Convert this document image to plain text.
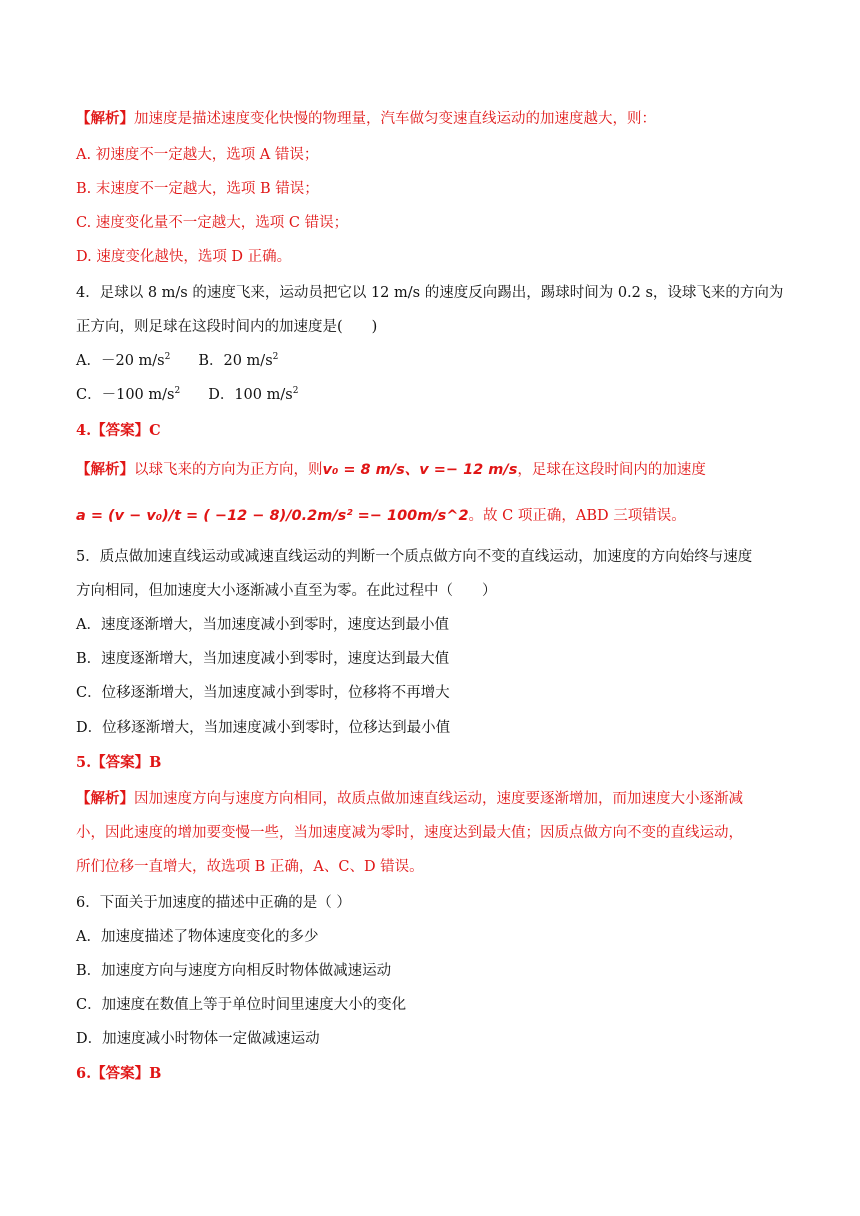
【解析】加速度是描述速度变化快慢的物理量，汽车做匀变速直线运动的加速度越大，则：
A. 初速度不一定越大，选项 A 错误；
B. 末速度不一定越大，选项 B 错误；
C. 速度变化量不一定越大，选项 C 错误；
D. 速度变化越快，选项 D 正确。
4．足球以 8 m/s 的速度飞来，运动员把它以 12 m/s 的速度反向踢出，踢球时间为 0.2 s，设球飞来的方向为
正方向，则足球在这段时间内的加速度是(　　)
A．－20 $m/s^2$ B．20 $m/s^2$
C．－100 $m/s^2$ D．100 $m/s^2$
4.【答案】C
【解析】以球飞来的方向为正方向，则v₀ = 8 m/s、v =− 12 m/s，足球在这段时间内的加速度
a = (v − v₀)/t = ( −12 − 8)/0.2m/s² =− 100m/s^2。故 C 项正确，ABD 三项错误。
5．质点做加速直线运动或减速直线运动的判断一个质点做方向不变的直线运动，加速度的方向始终与速度
方向相同，但加速度大小逐渐减小直至为零。在此过程中（　　）
A．速度逐渐增大，当加速度减小到零时，速度达到最小值
B．速度逐渐增大，当加速度减小到零时，速度达到最大值
C．位移逐渐增大，当加速度减小到零时，位移将不再增大
D．位移逐渐增大，当加速度减小到零时，位移达到最小值
5.【答案】B
【解析】因加速度方向与速度方向相同，故质点做加速直线运动，速度要逐渐增加，而加速度大小逐渐减
小，因此速度的增加要变慢一些，当加速度减为零时，速度达到最大值；因质点做方向不变的直线运动，
所们位移一直增大，故选项 B 正确，A、C、D 错误。
6．下面关于加速度的描述中正确的是（ ）
A．加速度描述了物体速度变化的多少
B．加速度方向与速度方向相反时物体做减速运动
C．加速度在数值上等于单位时间里速度大小的变化
D．加速度减小时物体一定做减速运动
6.【答案】B
